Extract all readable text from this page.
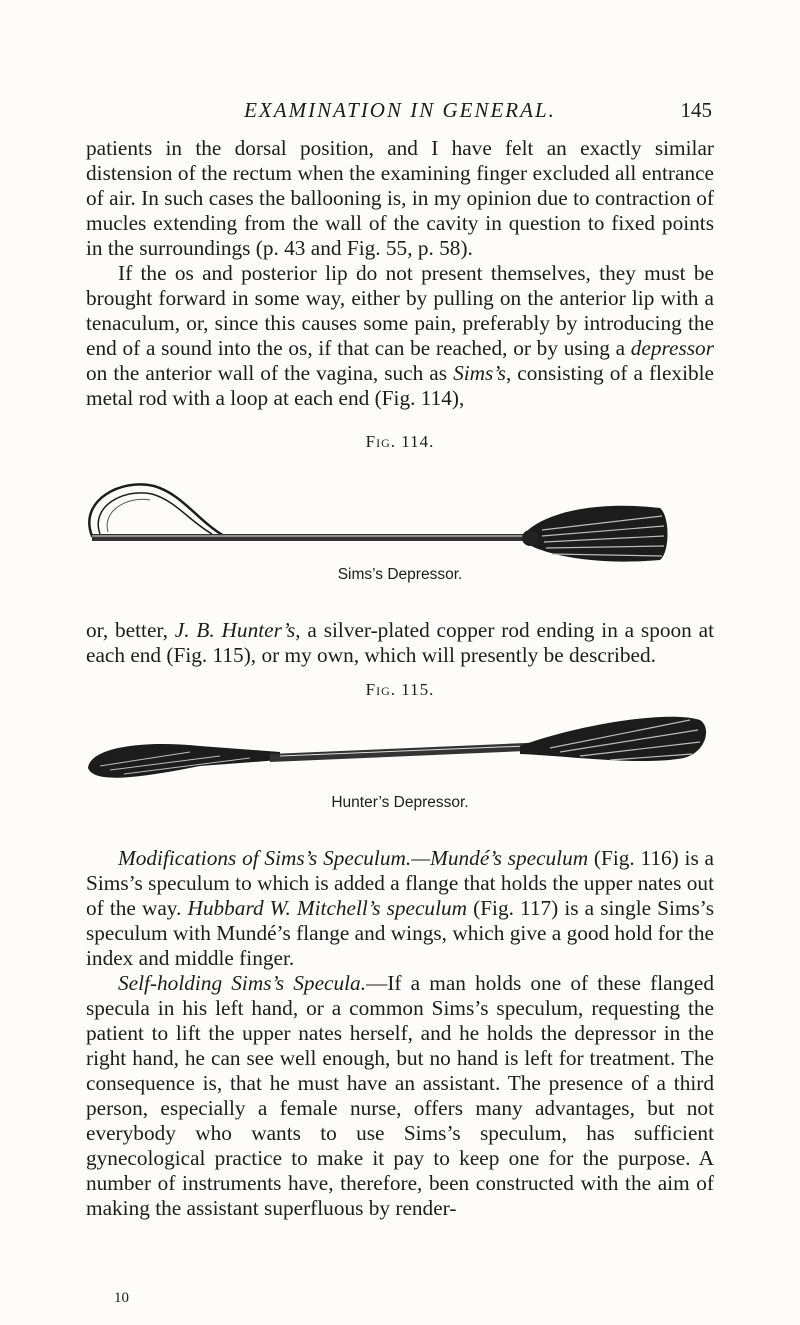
EXAMINATION IN GENERAL.	145

patients in the dorsal position, and I have felt an exactly similar distension of the rectum when the examining finger excluded all entrance of air. In such cases the ballooning is, in my opinion due to contraction of mucles extending from the wall of the cavity in question to fixed points in the surroundings (p. 43 and Fig. 55, p. 58).

If the os and posterior lip do not present themselves, they must be brought forward in some way, either by pulling on the anterior lip with a tenaculum, or, since this causes some pain, preferably by introducing the end of a sound into the os, if that can be reached, or by using a depressor on the anterior wall of the vagina, such as Sims’s, consisting of a flexible metal rod with a loop at each end (Fig. 114),

Fig. 114.
Sims’s Depressor.

or, better, J. B. Hunter’s, a silver-plated copper rod ending in a spoon at each end (Fig. 115), or my own, which will presently be described.

Fig. 115.
Hunter’s Depressor.

Modifications of Sims’s Speculum.—Mundé’s speculum (Fig. 116) is a Sims’s speculum to which is added a flange that holds the upper nates out of the way. Hubbard W. Mitchell’s speculum (Fig. 117) is a single Sims’s speculum with Mundé’s flange and wings, which give a good hold for the index and middle finger.

Self-holding Sims’s Specula.—If a man holds one of these flanged specula in his left hand, or a common Sims’s speculum, requesting the patient to lift the upper nates herself, and he holds the depressor in the right hand, he can see well enough, but no hand is left for treatment. The consequence is, that he must have an assistant. The presence of a third person, especially a female nurse, offers many advantages, but not everybody who wants to use Sims’s speculum, has sufficient gynecological practice to make it pay to keep one for the purpose. A number of instruments have, therefore, been constructed with the aim of making the assistant superfluous by render-

10
